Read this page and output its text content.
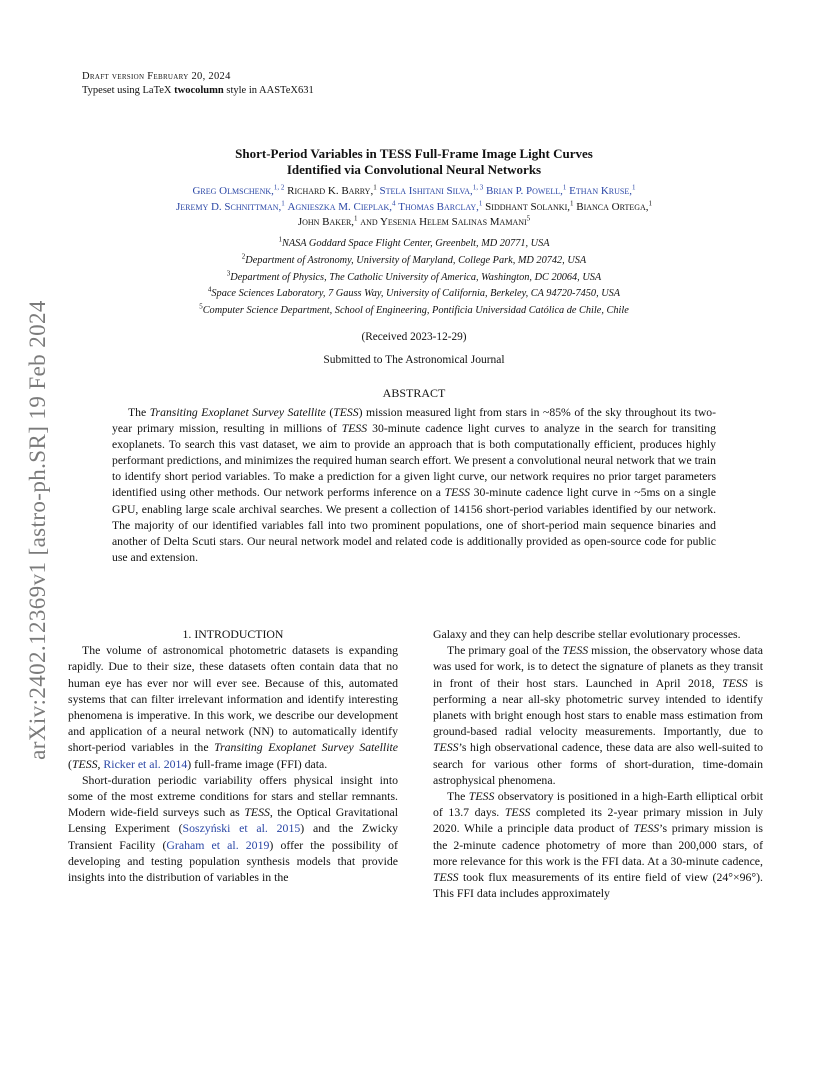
Draft version February 20, 2024
Typeset using LaTeX twocolumn style in AASTeX631
arXiv:2402.12369v1 [astro-ph.SR] 19 Feb 2024
Short-Period Variables in TESS Full-Frame Image Light Curves
Identified via Convolutional Neural Networks
Greg Olmschenk,$^{1, 2}$ Richard K. Barry,$^1$ Stela Ishitani Silva,$^{1, 3}$ Brian P. Powell,$^1$ Ethan Kruse,$^1$
Jeremy D. Schnittman,$^1$ Agnieszka M. Cieplak,$^4$ Thomas Barclay,$^1$ Siddhant Solanki,$^1$ Bianca Ortega,$^1$
John Baker,$^1$ and Yesenia Helem Salinas Mamani$^5$
$^1$NASA Goddard Space Flight Center, Greenbelt, MD 20771, USA
$^2$Department of Astronomy, University of Maryland, College Park, MD 20742, USA
$^3$Department of Physics, The Catholic University of America, Washington, DC 20064, USA
$^4$Space Sciences Laboratory, 7 Gauss Way, University of California, Berkeley, CA 94720-7450, USA
$^5$Computer Science Department, School of Engineering, Pontificia Universidad Católica de Chile, Chile
(Received 2023-12-29)
Submitted to The Astronomical Journal
ABSTRACT

The Transiting Exoplanet Survey Satellite (TESS) mission measured light from stars in ~85% of the sky throughout its two-year primary mission, resulting in millions of TESS 30-minute cadence light curves to analyze in the search for transiting exoplanets. To search this vast dataset, we aim to provide an approach that is both computationally efficient, produces highly performant predictions, and minimizes the required human search effort. We present a convolutional neural network that we train to identify short period variables. To make a prediction for a given light curve, our network requires no prior target parameters identified using other methods. Our network performs inference on a TESS 30-minute cadence light curve in ~5ms on a single GPU, enabling large scale archival searches. We present a collection of 14156 short-period variables identified by our network. The majority of our identified variables fall into two prominent populations, one of short-period main sequence binaries and another of Delta Scuti stars. Our neural network model and related code is additionally provided as open-source code for public use and extension.

1. INTRODUCTION

The volume of astronomical photometric datasets is expanding rapidly. Due to their size, these datasets often contain data that no human eye has ever nor will ever see. Because of this, automated systems that can filter irrelevant information and identify interesting phenomena is imperative. In this work, we describe our development and application of a neural network (NN) to automatically identify short-period variables in the Transiting Exoplanet Survey Satellite (TESS, Ricker et al. 2014) full-frame image (FFI) data.

Short-duration periodic variability offers physical insight into some of the most extreme conditions for stars and stellar remnants. Modern wide-field surveys such as TESS, the Optical Gravitational Lensing Experiment (Soszyński et al. 2015) and the Zwicky Transient Facility (Graham et al. 2019) offer the possibility of developing and testing population synthesis models that provide insights into the distribution of variables in the

Galaxy and they can help describe stellar evolutionary processes.

The primary goal of the TESS mission, the observatory whose data was used for work, is to detect the signature of planets as they transit in front of their host stars. Launched in April 2018, TESS is performing a near all-sky photometric survey intended to identify planets with bright enough host stars to enable mass estimation from ground-based radial velocity measurements. Importantly, due to TESS’s high observational cadence, these data are also well-suited to search for various other forms of short-duration, time-domain astrophysical phenomena.

The TESS observatory is positioned in a high-Earth elliptical orbit of 13.7 days. TESS completed its 2-year primary mission in July 2020. While a principle data product of TESS’s primary mission is the 2-minute cadence photometry of more than 200,000 stars, of more relevance for this work is the FFI data. At a 30-minute cadence, TESS took flux measurements of its entire field of view (24°×96°). This FFI data includes approximately
